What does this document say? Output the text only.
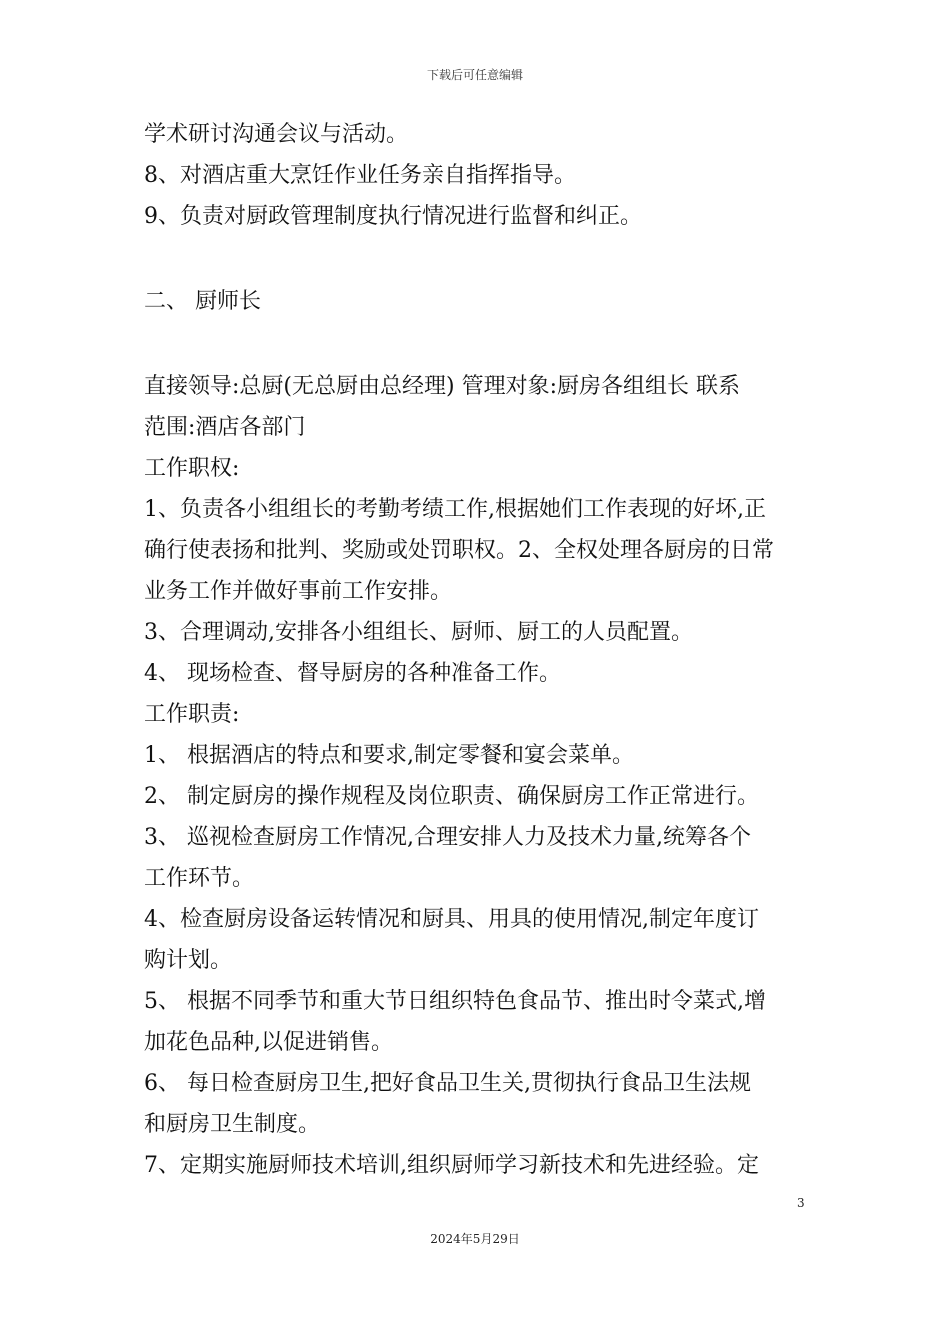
下载后可任意编辑

学术研讨沟通会议与活动。

8、对酒店重大烹饪作业任务亲自指挥指导。

9、负责对厨政管理制度执行情况进行监督和纠正。

二、 厨师长

直接领导:总厨(无总厨由总经理) 管理对象:厨房各组组长 联系

范围:酒店各部门

工作职权:

1、负责各小组组长的考勤考绩工作,根据她们工作表现的好坏,正

确行使表扬和批判、奖励或处罚职权。2、全权处理各厨房的日常

业务工作并做好事前工作安排。

3、合理调动,安排各小组组长、厨师、厨工的人员配置。

4、 现场检查、督导厨房的各种准备工作。

工作职责:

1、 根据酒店的特点和要求,制定零餐和宴会菜单。

2、 制定厨房的操作规程及岗位职责、确保厨房工作正常进行。

3、 巡视检查厨房工作情况,合理安排人力及技术力量,统筹各个

工作环节。

4、检查厨房设备运转情况和厨具、用具的使用情况,制定年度订

购计划。

5、 根据不同季节和重大节日组织特色食品节、推出时令菜式,增

加花色品种,以促进销售。

6、 每日检查厨房卫生,把好食品卫生关,贯彻执行食品卫生法规

和厨房卫生制度。

7、定期实施厨师技术培训,组织厨师学习新技术和先进经验。定

3
2024年5月29日
